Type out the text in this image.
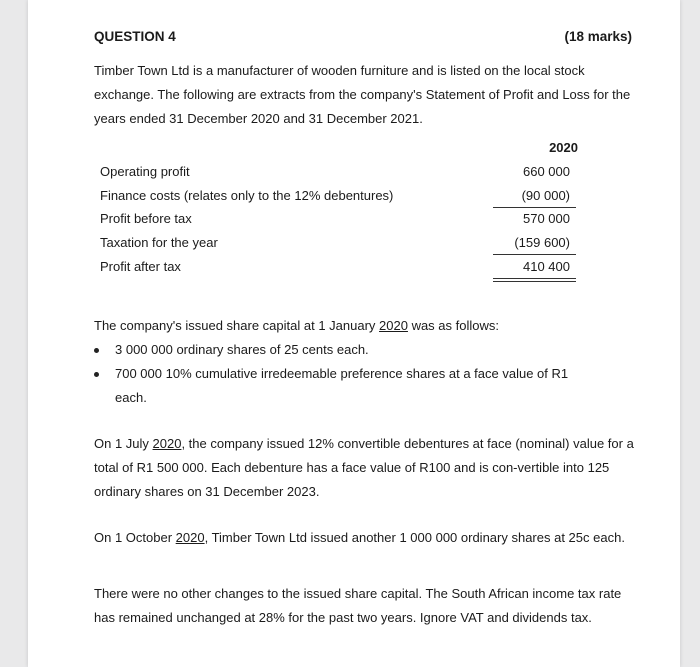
QUESTION 4	(18 marks)
Timber Town Ltd is a manufacturer of wooden furniture and is listed on the local stock exchange. The following are extracts from the company's Statement of Profit and Loss for the years ended 31 December 2020 and 31 December 2021.
2020
Operating profit	660 000
Finance costs (relates only to the 12% debentures)	(90 000)
Profit before tax	570 000
Taxation for the year	(159 600)
Profit after tax	410 400
The company's issued share capital at 1 January 2020 was as follows:
3 000 000 ordinary shares of 25 cents each.
700 000 10% cumulative irredeemable preference shares at a face value of R1 each.
On 1 July 2020, the company issued 12% convertible debentures at face (nominal) value for a total of R1 500 000. Each debenture has a face value of R100 and is con-vertible into 125 ordinary shares on 31 December 2023.
On 1 October 2020, Timber Town Ltd issued another 1 000 000 ordinary shares at 25c each.
There were no other changes to the issued share capital. The South African income tax rate has remained unchanged at 28% for the past two years. Ignore VAT and dividends tax.
